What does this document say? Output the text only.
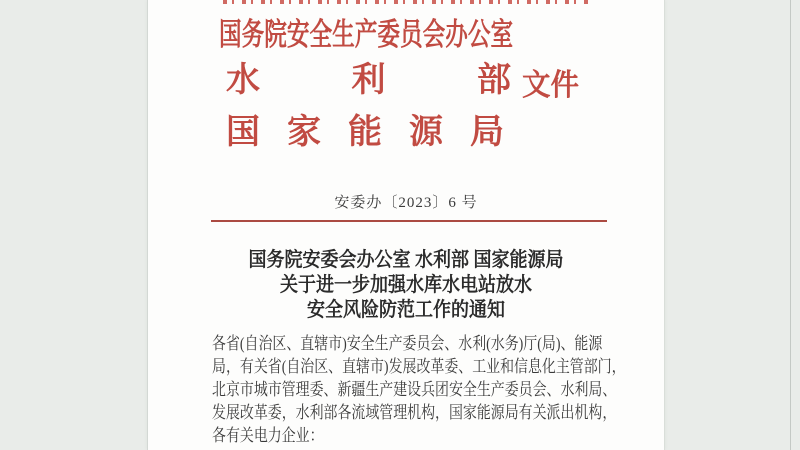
国务院安全生产委员会办公室
水	利	部 文件
国 家 能 源 局
安委办〔2023〕6 号
国务院安委会办公室 水利部 国家能源局
关于进一步加强水库水电站放水
安全风险防范工作的通知
各省(自治区、直辖市)安全生产委员会、水利(水务)厅(局)、能源
局，有关省(自治区、直辖市)发展改革委、工业和信息化主管部门，
北京市城市管理委、新疆生产建设兵团安全生产委员会、水利局、
发展改革委，水利部各流域管理机构，国家能源局有关派出机构，
各有关电力企业：
